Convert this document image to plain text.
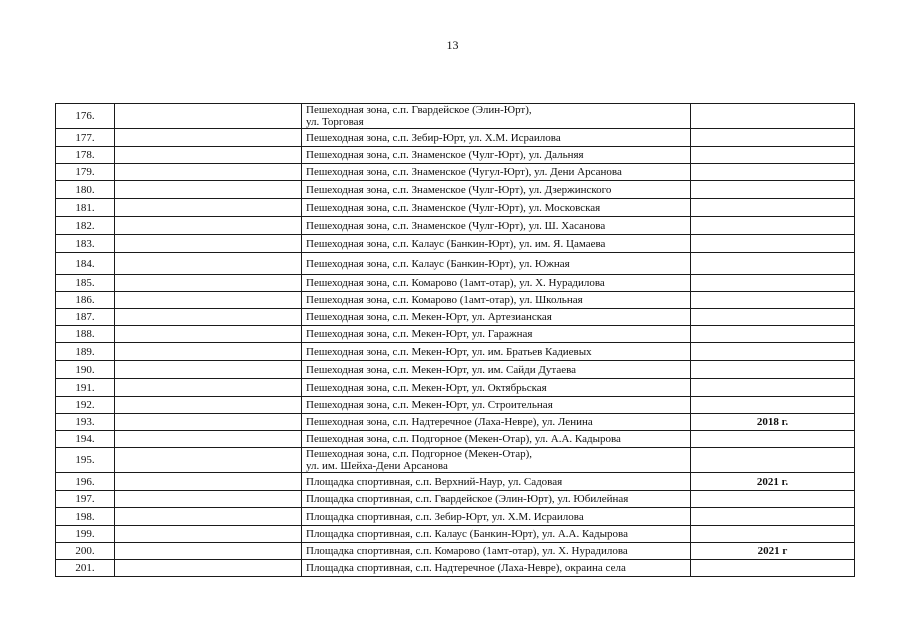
13
176.		Пешеходная зона, с.п. Гвардейское (Элин-Юрт),
ул. Торговая	
177.		Пешеходная зона, с.п. Зебир-Юрт, ул. Х.М. Исраилова	
178.		Пешеходная зона, с.п. Знаменское (Чулг-Юрт), ул. Дальняя	
179.		Пешеходная зона, с.п. Знаменское (Чугул-Юрт), ул. Дени Арсанова	
180.		Пешеходная зона, с.п. Знаменское (Чулг-Юрт), ул. Дзержинского	
181.		Пешеходная зона, с.п. Знаменское (Чулг-Юрт), ул. Московская	
182.		Пешеходная зона, с.п. Знаменское (Чулг-Юрт), ул. Ш. Хасанова	
183.		Пешеходная зона, с.п. Калаус (Банкин-Юрт), ул. им. Я. Цамаева	
184.		Пешеходная зона, с.п. Калаус (Банкин-Юрт), ул. Южная	
185.		Пешеходная зона, с.п. Комарово (1амт-отар), ул. Х. Нурадилова	
186.		Пешеходная зона, с.п. Комарово (1амт-отар), ул. Школьная	
187.		Пешеходная зона, с.п. Мекен-Юрт, ул. Артезианская	
188.		Пешеходная зона, с.п. Мекен-Юрт, ул. Гаражная	
189.		Пешеходная зона, с.п. Мекен-Юрт, ул. им. Братьев Кадиевых	
190.		Пешеходная зона, с.п. Мекен-Юрт, ул. им. Сайди Дутаева	
191.		Пешеходная зона, с.п. Мекен-Юрт, ул. Октябрьская	
192.		Пешеходная зона, с.п. Мекен-Юрт, ул. Строительная	
193.		Пешеходная зона, с.п. Надтеречное (Лаха-Невре), ул. Ленина	2018 г.
194.		Пешеходная зона, с.п. Подгорное (Мекен-Отар), ул. А.А. Кадырова	
195.		Пешеходная зона, с.п. Подгорное (Мекен-Отар),
ул. им. Шейха-Дени Арсанова	
196.		Площадка спортивная, с.п. Верхний-Наур, ул. Садовая	2021 г.
197.		Площадка спортивная, с.п. Гвардейское (Элин-Юрт), ул. Юбилейная	
198.		Площадка спортивная, с.п. Зебир-Юрт, ул. Х.М. Исраилова	
199.		Площадка спортивная, с.п. Калаус (Банкин-Юрт), ул. А.А. Кадырова	
200.		Площадка спортивная, с.п. Комарово (1амт-отар), ул. Х. Нурадилова	2021 г
201.		Площадка спортивная, с.п. Надтеречное (Лаха-Невре), окраина села	
